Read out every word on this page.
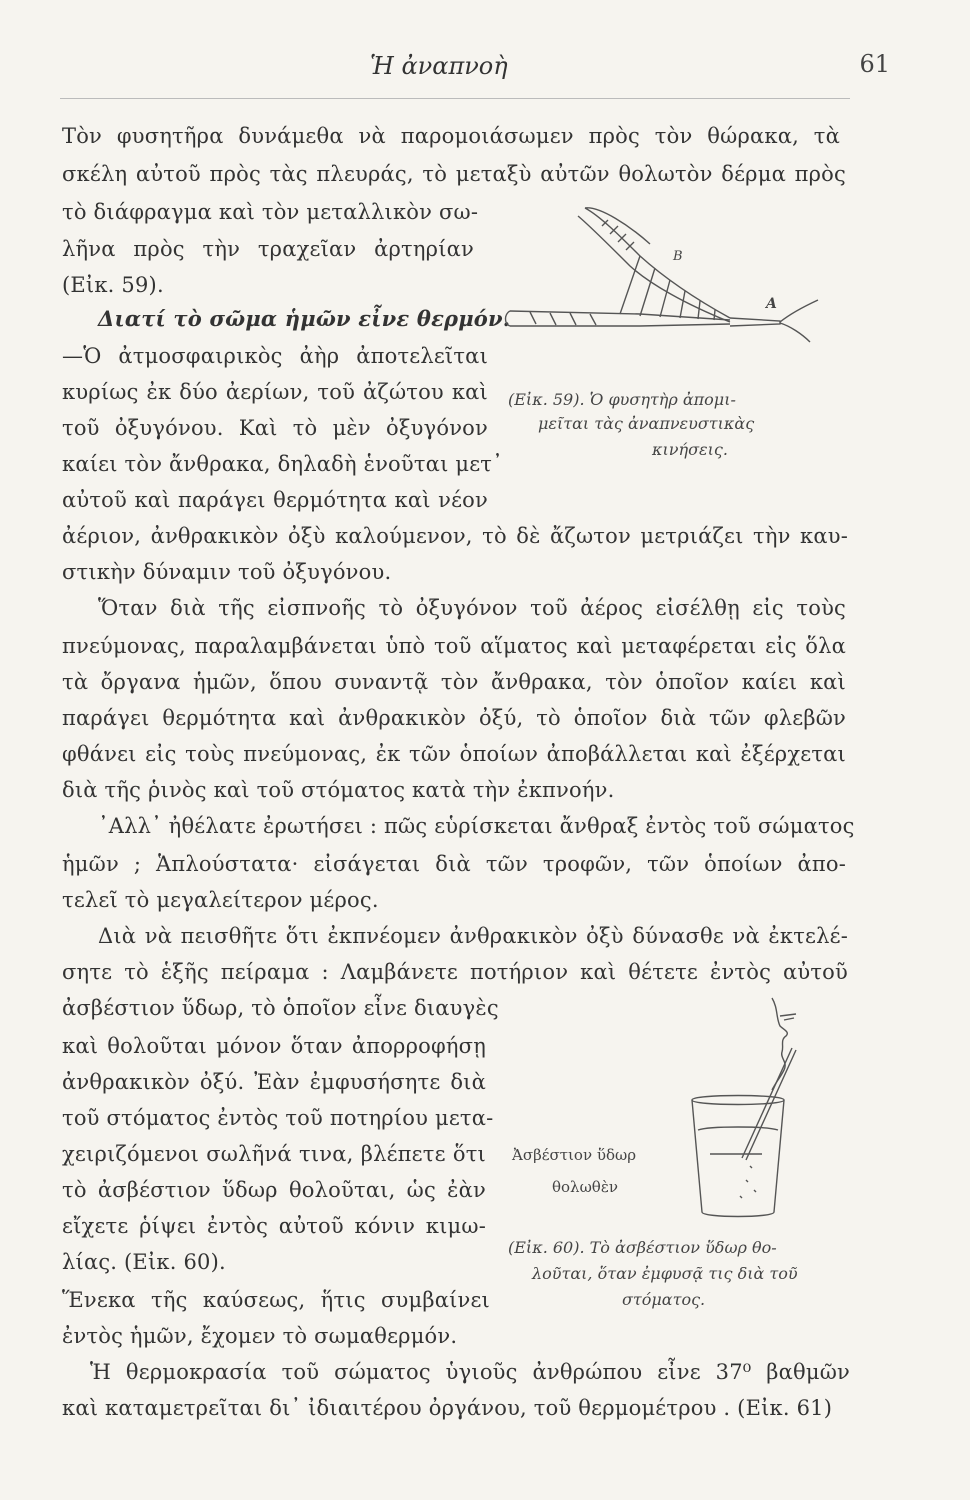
Ἡ ἀναπνοὴ	61
Τὸν φυσητῆρα δυνάμεθα νὰ παρομοιάσωμεν πρὸς τὸν θώρακα, τὰ
σκέλη αὐτοῦ πρὸς τὰς πλευράς, τὸ μεταξὺ αὐτῶν θολωτὸν δέρμα πρὸς
τὸ διάφραγμα καὶ τὸν μεταλλικὸν σω-
λῆνα πρὸς τὴν τραχεῖαν ἀρτηρίαν
(Εἰκ. 59).
Διατί τὸ σῶμα ἡμῶν εἶνε θερμόν.
—Ὁ ἀτμοσφαιρικὸς ἀὴρ ἀποτελεῖται
κυρίως ἐκ δύο ἀερίων, τοῦ ἀζώτου καὶ
τοῦ ὀξυγόνου. Καὶ τὸ μὲν ὀξυγόνον
καίει τὸν ἄνθρακα, δηλαδὴ ἑνοῦται μετ᾽
αὐτοῦ καὶ παράγει θερμότητα καὶ νέον
ἀέριον, ἀνθρακικὸν ὀξὺ καλούμενον, τὸ δὲ ἄζωτον μετριάζει τὴν καυ-
στικὴν δύναμιν τοῦ ὀξυγόνου.
Ὅταν διὰ τῆς εἰσπνοῆς τὸ ὀξυγόνον τοῦ ἀέρος εἰσέλθῃ εἰς τοὺς
πνεύμονας, παραλαμβάνεται ὑπὸ τοῦ αἵματος καὶ μεταφέρεται εἰς ὅλα
τὰ ὄργανα ἡμῶν, ὅπου συναντᾷ τὸν ἄνθρακα, τὸν ὁποῖον καίει καὶ
παράγει θερμότητα καὶ ἀνθρακικὸν ὀξύ, τὸ ὁποῖον διὰ τῶν φλεβῶν
φθάνει εἰς τοὺς πνεύμονας, ἐκ τῶν ὁποίων ἀποβάλλεται καὶ ἐξέρχεται
διὰ τῆς ῥινὸς καὶ τοῦ στόματος κατὰ τὴν ἐκπνοήν.
᾽Αλλ᾽ ἠθέλατε ἐρωτήσει : πῶς εὑρίσκεται ἄνθραξ ἐντὸς τοῦ σώματος
ἡμῶν ; Ἁπλούστατα· εἰσάγεται διὰ τῶν τροφῶν, τῶν ὁποίων ἀπο-
τελεῖ τὸ μεγαλείτερον μέρος.
Διὰ νὰ πεισθῆτε ὅτι ἐκπνέομεν ἀνθρακικὸν ὀξὺ δύνασθε νὰ ἐκτελέ-
σητε τὸ ἑξῆς πείραμα : Λαμβάνετε ποτήριον καὶ θέτετε ἐντὸς αὐτοῦ
ἀσβέστιον ὕδωρ, τὸ ὁποῖον εἶνε διαυγὲς
καὶ θολοῦται μόνον ὅταν ἀπορροφήσῃ
ἀνθρακικὸν ὀξύ. Ἐὰν ἐμφυσήσητε διὰ
τοῦ στόματος ἐντὸς τοῦ ποτηρίου μετα-
χειριζόμενοι σωλῆνά τινα, βλέπετε ὅτι
τὸ ἀσβέστιον ὕδωρ θολοῦται, ὡς ἐὰν
εἴχετε ῥίψει ἐντὸς αὐτοῦ κόνιν κιμω-
λίας. (Εἰκ. 60).
Ἕνεκα τῆς καύσεως, ἥτις συμβαίνει
ἐντὸς ἡμῶν, ἔχομεν τὸ σωμαθερμόν.
Ἡ θερμοκρασία τοῦ σώματος ὑγιοῦς ἀνθρώπου εἶνε 37⁰ βαθμῶν
καὶ καταμετρεῖται δι᾽ ἰδιαιτέρου ὀργάνου, τοῦ θερμομέτρου . (Εἰκ. 61)
Β
Α
(Εἰκ. 59). Ὁ φυσητὴρ ἀπομι-
μεῖται τὰς ἀναπνευστικὰς
κινήσεις.
Ἀσβέστιον ὕδωρ
θολωθὲν
(Εἰκ. 60). Τὸ ἀσβέστιον ὕδωρ θο-
λοῦται, ὅταν ἐμφυσᾷ τις διὰ τοῦ
στόματος.
